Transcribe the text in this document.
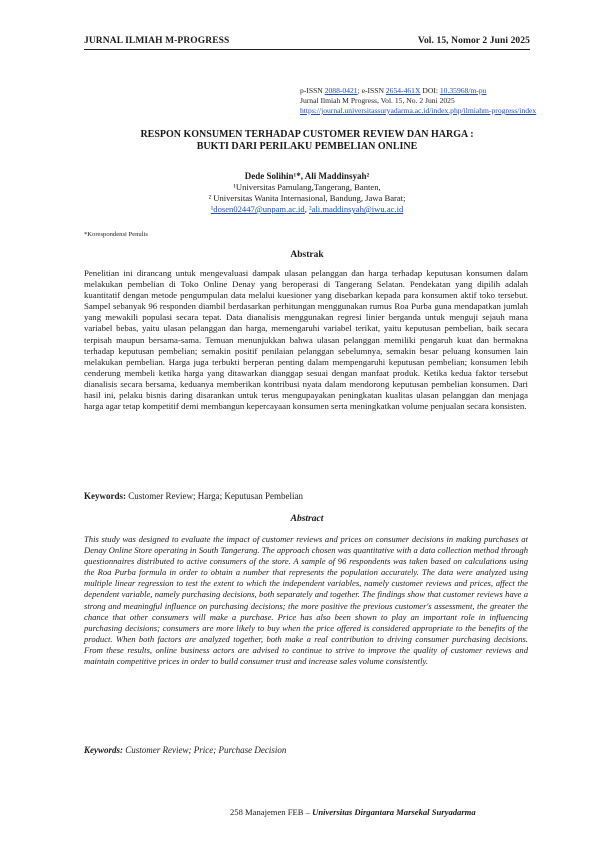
JURNAL ILMIAH M-PROGRESS	Vol. 15, Nomor 2 Juni 2025
p-ISSN 2088-0421; e-ISSN 2654-461X DOI: 10.35968/m-pu
Jurnal Ilmiah M Progress, Vol. 15, No. 2 Juni 2025
https://journal.universitassuryadarma.ac.id/index.php/ilmiahm-progress/index
RESPON KONSUMEN TERHADAP CUSTOMER REVIEW DAN HARGA :
BUKTI DARI PERILAKU PEMBELIAN ONLINE
Dede Solihin¹*, Ali Maddinsyah²
¹Universitas Pamulang,Tangerang, Banten,
² Universitas Wanita Internasional, Bandung, Jawa Barat;
¹dosen02447@unpam.ac.id, ²ali.maddinsyah@iwu.ac.id
*Korespondensi Penulis
Abstrak
Penelitian ini dirancang untuk mengevaluasi dampak ulasan pelanggan dan harga terhadap keputusan konsumen dalam melakukan pembelian di Toko Online Denay yang beroperasi di Tangerang Selatan. Pendekatan yang dipilih adalah kuantitatif dengan metode pengumpulan data melalui kuesioner yang disebarkan kepada para konsumen aktif toko tersebut. Sampel sebanyak 96 responden diambil berdasarkan perhitungan menggunakan rumus Roa Purba guna mendapatkan jumlah yang mewakili populasi secara tepat. Data dianalisis menggunakan regresi linier berganda untuk menguji sejauh mana variabel bebas, yaitu ulasan pelanggan dan harga, memengaruhi variabel terikat, yaitu keputusan pembelian, baik secara terpisah maupun bersama-sama. Temuan menunjukkan bahwa ulasan pelanggan memiliki pengaruh kuat dan bermakna terhadap keputusan pembelian; semakin positif penilaian pelanggan sebelumnya, semakin besar peluang konsumen lain melakukan pembelian. Harga juga terbukti berperan penting dalam mempengaruhi keputusan pembelian; konsumen lebih cenderung membeli ketika harga yang ditawarkan dianggap sesuai dengan manfaat produk. Ketika kedua faktor tersebut dianalisis secara bersama, keduanya memberikan kontribusi nyata dalam mendorong keputusan pembelian konsumen. Dari hasil ini, pelaku bisnis daring disarankan untuk terus mengupayakan peningkatan kualitas ulasan pelanggan dan menjaga harga agar tetap kompetitif demi membangun kepercayaan konsumen serta meningkatkan volume penjualan secara konsisten.
Keywords: Customer Review; Harga; Keputusan Pembelian
Abstract
This study was designed to evaluate the impact of customer reviews and prices on consumer decisions in making purchases at Denay Online Store operating in South Tangerang. The approach chosen was quantitative with a data collection method through questionnaires distributed to active consumers of the store. A sample of 96 respondents was taken based on calculations using the Roa Purba formula in order to obtain a number that represents the population accurately. The data were analyzed using multiple linear regression to test the extent to which the independent variables, namely customer reviews and prices, affect the dependent variable, namely purchasing decisions, both separately and together. The findings show that customer reviews have a strong and meaningful influence on purchasing decisions; the more positive the previous customer's assessment, the greater the chance that other consumers will make a purchase. Price has also been shown to play an important role in influencing purchasing decisions; consumers are more likely to buy when the price offered is considered appropriate to the benefits of the product. When both factors are analyzed together, both make a real contribution to driving consumer purchasing decisions. From these results, online business actors are advised to continue to strive to improve the quality of customer reviews and maintain competitive prices in order to build consumer trust and increase sales volume consistently.
Keywords: Customer Review; Price; Purchase Decision
258 Manajemen FEB – Universitas Dirgantara Marsekal Suryadarma
